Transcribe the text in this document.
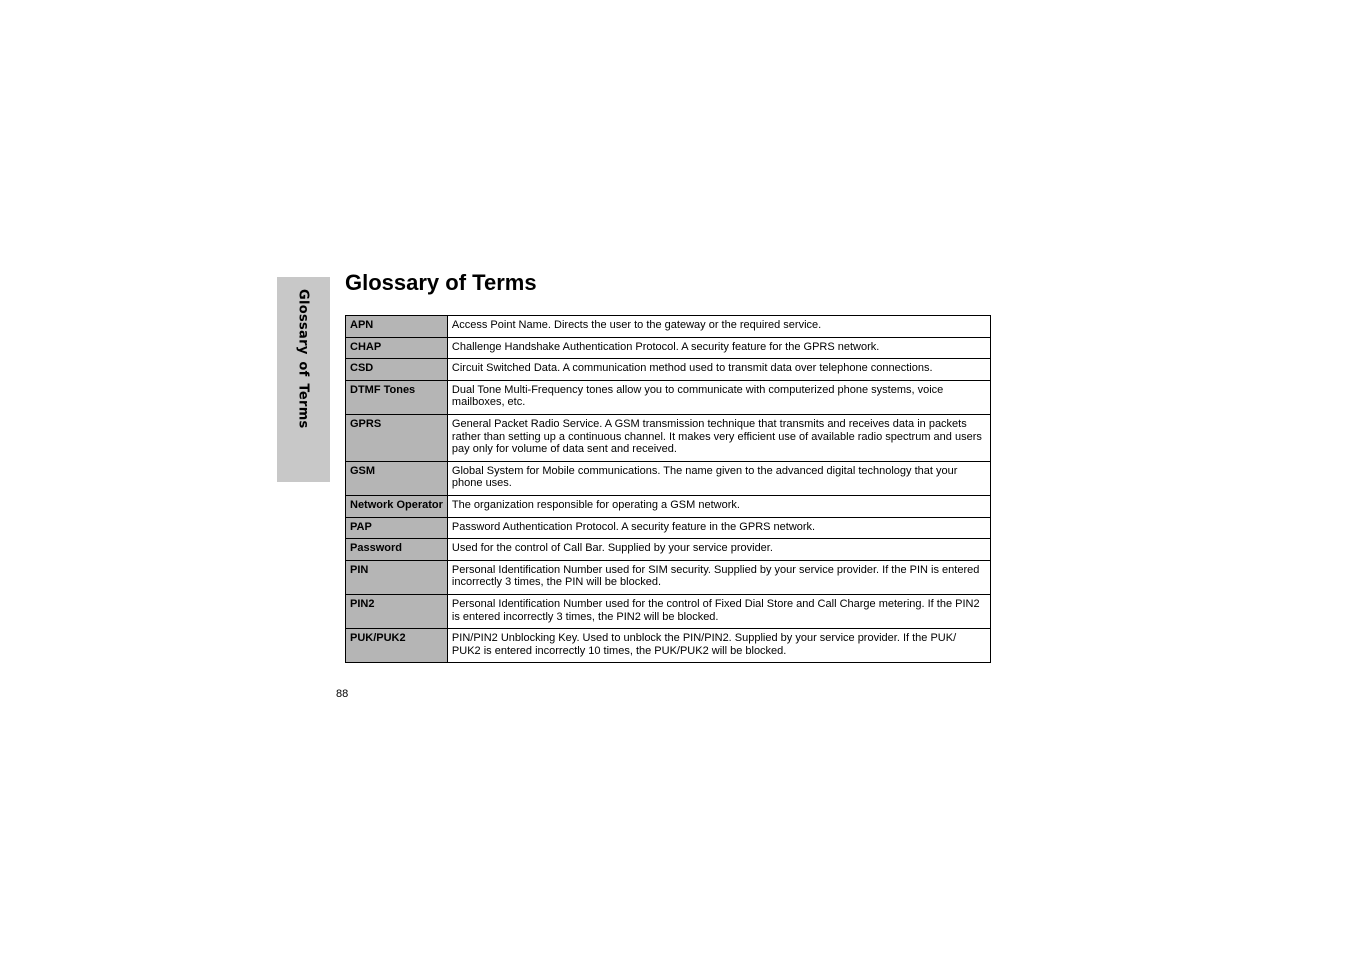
Glossary of Terms
Glossary of Terms
APN	Access Point Name. Directs the user to the gateway or the required service.
CHAP	Challenge Handshake Authentication Protocol. A security feature for the GPRS network.
CSD	Circuit Switched Data. A communication method used to transmit data over telephone connections.
DTMF Tones	Dual Tone Multi-Frequency tones allow you to communicate with computerized phone systems, voice mailboxes, etc.
GPRS	General Packet Radio Service. A GSM transmission technique that transmits and receives data in packets rather than setting up a continuous channel. It makes very efficient use of available radio spectrum and users pay only for volume of data sent and received.
GSM	Global System for Mobile communications. The name given to the advanced digital technology that your phone uses.
Network Operator	The organization responsible for operating a GSM network.
PAP	Password Authentication Protocol. A security feature in the GPRS network.
Password	Used for the control of Call Bar. Supplied by your service provider.
PIN	Personal Identification Number used for SIM security. Supplied by your service provider. If the PIN is entered incorrectly 3 times, the PIN will be blocked.
PIN2	Personal Identification Number used for the control of Fixed Dial Store and Call Charge metering. If the PIN2 is entered incorrectly 3 times, the PIN2 will be blocked.
PUK/PUK2	PIN/PIN2 Unblocking Key. Used to unblock the PIN/PIN2. Supplied by your service provider. If the PUK/ PUK2 is entered incorrectly 10 times, the PUK/PUK2 will be blocked.
88
